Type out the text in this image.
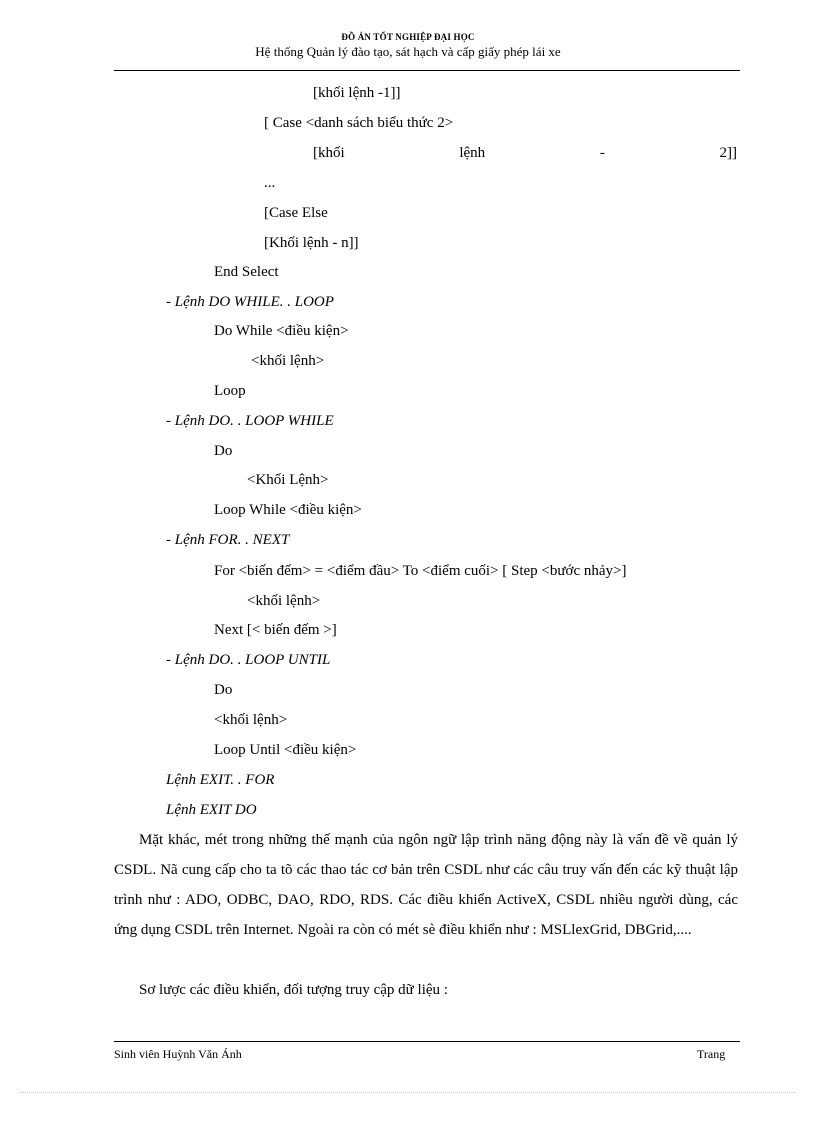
ĐỒ ÁN TỐT NGHIỆP ĐẠI HỌC
Hệ thống Quản lý đào tạo, sát hạch và cấp giấy phép lái xe
[khối lệnh -1]]
[ Case <danh sách biểu thức 2>
[khối	lệnh	-	2]]
...
[Case Else
[Khối lệnh - n]]
End Select
- Lệnh DO WHILE. . LOOP
Do While <điều kiện>
<khối lệnh>
Loop
- Lệnh DO. . LOOP WHILE
Do
<Khối Lệnh>
Loop While <điều kiện>
- Lệnh FOR. . NEXT
For <biến đếm> = <điểm đầu> To <điểm cuối> [ Step <bước nhảy>]
<khối lệnh>
Next [< biến đếm >]
- Lệnh DO. . LOOP UNTIL
Do
<khối lệnh>
Loop Until <điều kiện>
Lệnh EXIT. . FOR
Lệnh EXIT DO
Mặt khác, mét trong những thế mạnh của ngôn ngữ lập trình năng động này là vấn đề về quản lý CSDL. Nã cung cấp cho ta tõ các thao tác cơ bản trên CSDL như các câu truy vấn đến các kỹ thuật lập trình như : ADO, ODBC, DAO, RDO, RDS. Các điều khiển ActiveX, CSDL nhiều người dùng, các ứng dụng CSDL trên Internet. Ngoài ra còn có mét sè điều khiển như : MSLlexGrid, DBGrid,....
Sơ lược các điều khiển, đối tượng truy cập dữ liệu :
Sinh viên Huỳnh Văn Ánh	Trang
